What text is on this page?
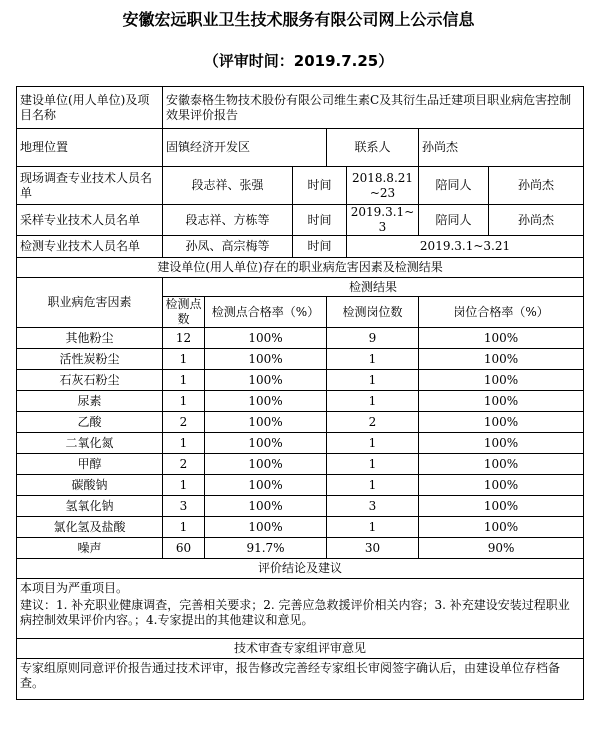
安徽宏远职业卫生技术服务有限公司网上公示信息
（评审时间：2019.7.25）
建设单位(用人单位)及项目名称	安徽泰格生物技术股份有限公司维生素C及其衍生品迁建项目职业病危害控制效果评价报告						
地理位置	固镇经济开发区			联系人		孙尚杰	
现场调查专业技术人员名单	段志祥、张强		时间		2018.8.21~23	陪同人	孙尚杰
采样专业技术人员名单	段志祥、方栋等		时间		2019.3.1~3	陪同人	孙尚杰
检测专业技术人员名单	孙凤、高宗梅等		时间		2019.3.1~3.21		
建设单位(用人单位)存在的职业病危害因素及检测结果							
职业病危害因素	检测结果						
	检测点数	检测点合格率（%）		检测岗位数		岗位合格率（%）	
其他粉尘	12	100%		9		100%	
活性炭粉尘	1	100%		1		100%	
石灰石粉尘	1	100%		1		100%	
尿素	1	100%		1		100%	
乙酸	2	100%		2		100%	
二氧化氮	1	100%		1		100%	
甲醇	2	100%		1		100%	
碳酸钠	1	100%		1		100%	
氢氧化钠	3	100%		3		100%	
氯化氢及盐酸	1	100%		1		100%	
噪声	60	91.7%		30		90%	
评价结论及建议							

本项目为严重项目。
建议：1. 补充职业健康调查，完善相关要求；2. 完善应急救援评价相关内容；3. 补充建设安装过程职业病控制效果评价内容。；4.专家提出的其他建议和意见。							

技术审查专家组评审意见							
专家组原则同意评价报告通过技术评审，报告修改完善经专家组长审阅签字确认后，由建设单位存档备查。							
